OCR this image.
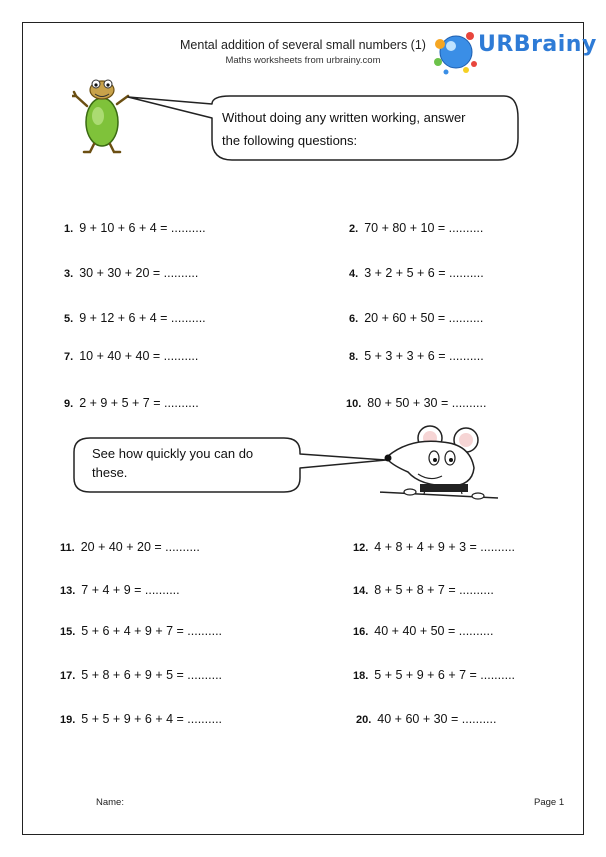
Mental addition of several small numbers (1)
Maths worksheets from urbrainy.com
URBrainy
Without doing any written working, answer
the following questions:
1. 9 + 10 + 6 + 4 = ..........	2. 70 + 80 + 10 = ..........
3. 30 + 30 + 20 = ..........	4. 3 + 2 + 5 + 6 = ..........
5. 9 + 12 + 6 + 4 = ..........	6. 20 + 60 + 50 = ..........
7. 10 + 40 + 40 = ..........	8. 5 + 3 + 3 + 6 = ..........
9. 2 + 9 + 5 + 7 = ..........	10. 80 + 50 + 30 = ..........
See how quickly you can do
these.
11. 20 + 40 + 20 = ..........	12. 4 + 8 + 4 + 9 + 3 = ..........
13. 7 + 4 + 9 = ..........	14. 8 + 5 + 8 + 7 = ..........
15. 5 + 6 + 4 + 9 + 7 = ..........	16. 40 + 40 + 50 = ..........
17. 5 + 8 + 6 + 9 + 5 = ..........	18. 5 + 5 + 9 + 6 + 7 = ..........
19. 5 + 5 + 9 + 6 + 4 = ..........	20. 40 + 60 + 30 = ..........
Name:	Page 1
